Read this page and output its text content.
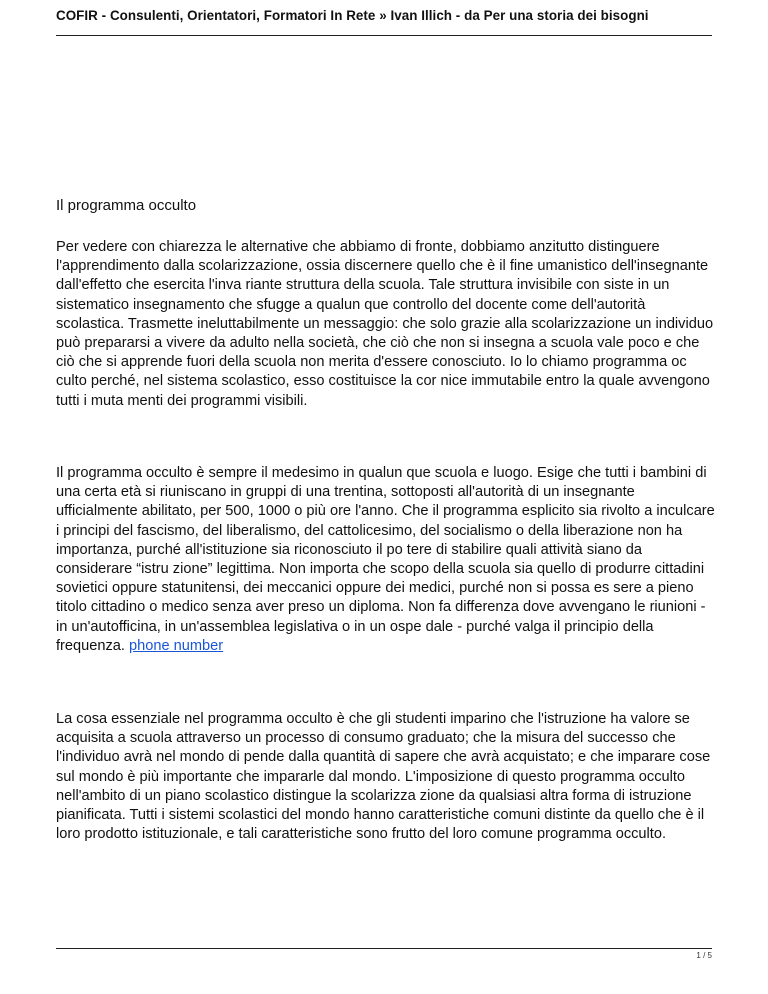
COFIR - Consulenti, Orientatori, Formatori In Rete » Ivan Illich - da Per una storia dei bisogni
Il programma occulto

Per vedere con chiarezza le alternative che abbiamo di fronte, dobbiamo anzitutto distinguere l'apprendimento dalla scolarizzazione, ossia discernere quello che è il fine umanistico dell'insegnante dall'effetto che esercita l'inva riante struttura della scuola. Tale struttura invisibile con siste in un sistematico insegnamento che sfugge a qualun que controllo del docente come dell'autorità scolastica. Trasmette ineluttabilmente un messaggio: che solo grazie alla scolarizzazione un individuo può prepararsi a vivere da adulto nella società, che ciò che non si insegna a scuola vale poco e che ciò che si apprende fuori della scuola non merita d'essere conosciuto. Io lo chiamo programma oc culto perché, nel sistema scolastico, esso costituisce la cor nice immutabile entro la quale avvengono tutti i muta menti dei programmi visibili.

Il programma occulto è sempre il medesimo in qualun que scuola e luogo. Esige che tutti i bambini di una certa età si riuniscano in gruppi di una trentina, sottoposti all'autorità di un insegnante ufficialmente abilitato, per 500, 1000 o più ore l'anno. Che il programma esplicito sia rivolto a inculcare i principi del fascismo, del liberalismo, del cattolicesimo, del socialismo o della liberazione non ha importanza, purché all'istituzione sia riconosciuto il po tere di stabilire quali attività siano da considerare “istru zione” legittima. Non importa che scopo della scuola sia quello di produrre cittadini sovietici oppure statunitensi, dei meccanici oppure dei medici, purché non si possa es sere a pieno titolo cittadino o medico senza aver preso un diploma. Non fa differenza dove avvengano le riunioni - in un'autofficina, in un'assemblea legislativa o in un ospe dale - purché valga il principio della frequenza. phone number

La cosa essenziale nel programma occulto è che gli studenti imparino che l'istruzione ha valore se acquisita a scuola attraverso un processo di consumo graduato; che la misura del successo che l'individuo avrà nel mondo di pende dalla quantità di sapere che avrà acquistato; e che imparare cose sul mondo è più importante che impararle dal mondo. L'imposizione di questo programma occulto nell'ambito di un piano scolastico distingue la scolarizza zione da qualsiasi altra forma di istruzione pianificata. Tutti i sistemi scolastici del mondo hanno caratteristiche comuni distinte da quello che è il loro prodotto istituzionale, e tali caratteristiche sono frutto del loro comune programma occulto.

1 / 5
